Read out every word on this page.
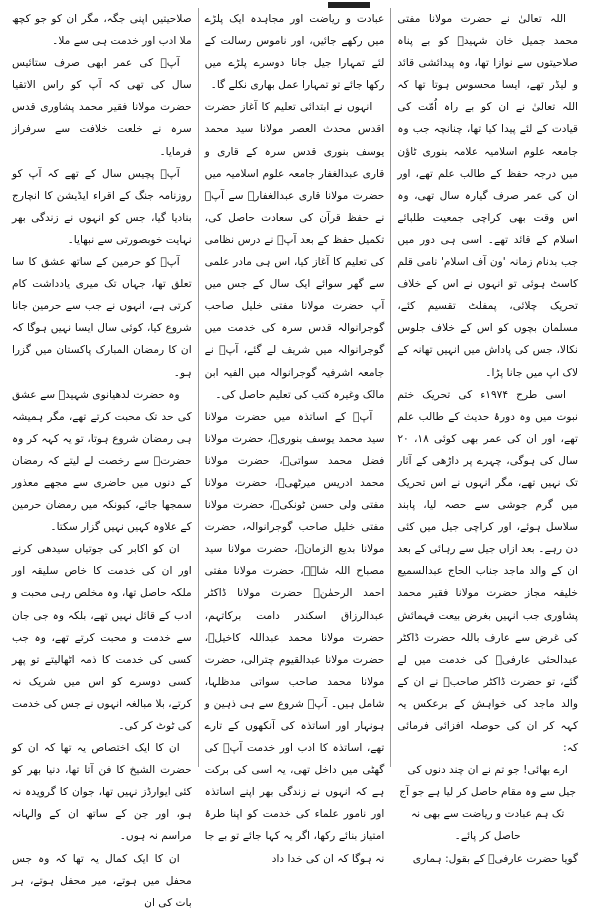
اللہ تعالیٰ نے حضرت مولانا مفتی محمد جمیل خان شہیدؒ کو بے پناہ صلاحیتوں سے نوازا تھا، وہ پیدائشی قائد و لیڈر تھے، ایسا محسوس ہوتا تھا کہ اللہ تعالیٰ نے ان کو بے راہ اُمّت کی قیادت کے لئے پیدا کیا تھا، چنانچہ جب وہ جامعہ علوم اسلامیہ علامہ بنوری ٹاؤن میں درجہ حفظ کے طالب علم تھے، اور ان کی عمر صرف گیارہ سال تھی، وہ اس وقت بھی کراچی جمعیت طلبائے اسلام کے قائد تھے۔ اسی ہی دور میں جب بدنام زمانہ 'ون آف اسلام' نامی قلم کاسٹ ہوئی تو انہوں نے اس کے خلاف تحریک چلائی، پمفلٹ تقسیم کئے، مسلمان بچوں کو اس کے خلاف جلوس نکالا، جس کی پاداش میں انہیں تھانہ کے لاک اپ میں جانا پڑا۔

اسی طرح ۱۹۷۴ء کی تحریک ختم نبوت میں وہ دورۂ حدیث کے طالب علم تھے، اور ان کی عمر بھی کوئی ۱۸، ۲۰ سال کی ہوگی، چہرے پر داڑھی کے آثار تک نہیں تھے، مگر انہوں نے اس تحریک میں گرم جوشی سے حصہ لیا، پابند سلاسل ہوئے، اور کراچی جیل میں کئی دن رہے۔ بعد ازاں جیل سے رہائی کے بعد ان کے والد ماجد جناب الحاج عبدالسمیع خلیفہ مجاز حضرت مولانا فقیر محمد پشاوری جب انہیں بغرض بیعت فہمائش کی غرض سے عارف باللہ حضرت ڈاکٹر عبدالحئی عارفیؒ کی خدمت میں لے گئے، تو حضرت ڈاکٹر صاحبؒ نے ان کے والد ماجد کی خواہش کے برعکس یہ کہہ کر ان کی حوصلہ افزائی فرمائی کہ:

ارے بھائی! جو تم نے ان چند دنوں کی جیل سے وہ مقام حاصل کر لیا ہے جو آج تک ہم عبادت و ریاضت سے بھی نہ حاصل کر پائے۔

گویا حضرت عارفیؒ کے بقول: ہماری

عبادت و ریاضت اور مجاہدہ ایک پلڑے میں رکھے جائیں، اور ناموس رسالت کے لئے تمہارا جیل جانا دوسرے پلڑے میں رکھا جائے تو تمہارا عمل بھاری نکلے گا۔

انہوں نے ابتدائی تعلیم کا آغاز حضرت اقدس محدث العصر مولانا سید محمد یوسف بنوری قدس سرہ کے قاری و قاری عبدالغفار جامعہ علوم اسلامیہ میں حضرت مولانا قاری عبدالغفارؒ سے آپؒ نے حفظ قرآن کی سعادت حاصل کی، تکمیل حفظ کے بعد آپؒ نے درس نظامی کی تعلیم کا آغاز کیا، اس ہی مادر علمی سے گھر سوائے ایک سال کے جس میں آپ حضرت مولانا مفتی خلیل صاحب گوجرانوالہ قدس سرہ کی خدمت میں گوجرانوالہ میں شریف لے گئے، آپؒ نے جامعہ اشرفیہ گوجرانوالہ میں الفیہ ابن مالک وغیرہ کتب کی تعلیم حاصل کی۔

آپؒ کے اساتذہ میں حضرت مولانا سید محمد یوسف بنوریؒ، حضرت مولانا فضل محمد سواتیؒ، حضرت مولانا محمد ادریس میرٹھیؒ، حضرت مولانا مفتی ولی حسن ٹونکیؒ، حضرت مولانا مفتی خلیل صاحب گوجرانوالہ، حضرت مولانا بدیع الزمانؒ، حضرت مولانا سید مصباح اللہ شاہؒ، حضرت مولانا مفتی احمد الرحمٰنؒ حضرت مولانا ڈاکٹر عبدالرزاق اسکندر دامت برکاتہم، حضرت مولانا محمد عبداللہ کاخیلؒ، حضرت مولانا عبدالقیوم چترالی، حضرت مولانا محمد صاحب سواتی مدظلہا، شامل ہیں۔ آپؒ شروع سے ہی ذہین و ہونہار اور اساتذہ کی آنکھوں کے تارے تھے، اساتذہ کا ادب اور خدمت آپؒ کی گھٹی میں داخل تھی، یہ اسی کی برکت ہے کہ انہوں نے زندگی بھر اپنے اساتذہ اور نامور علماء کی خدمت کو اپنا طرۂ امتیاز بنائے رکھا، اگر یہ کہا جائے تو بے جا نہ ہوگا کہ ان کی خدا داد

صلاحیتیں اپنی جگہ، مگر ان کو جو کچھ ملا ادب اور خدمت ہی سے ملا۔

آپؒ کی عمر ابھی صرف ستائیس سال کی تھی کہ آپ کو راس الاتقیا حضرت مولانا فقیر محمد پشاوری قدس سرہ نے خلعت خلافت سے سرفراز فرمایا۔

آپؒ پچیس سال کے تھے کہ آپ کو روزنامہ جنگ کے اقراء ایڈیشن کا انچارج بنادیا گیا، جس کو انہوں نے زندگی بھر نہایت خوبصورتی سے نبھایا۔

آپؒ کو حرمین کے ساتھ عشق کا سا تعلق تھا، جہاں تک میری یادداشت کام کرتی ہے، انہوں نے جب سے حرمین جانا شروع کیا، کوئی سال ایسا نہیں ہوگا کہ ان کا رمضان المبارک پاکستان میں گزرا ہو۔

وہ حضرت لدھیانوی شہیدؒ سے عشق کی حد تک محبت کرتے تھے، مگر ہمیشہ ہی رمضان شروع ہوتا، تو یہ کہہ کر وہ حضرتؒ سے رخصت لے لیتے کہ رمضان کے دنوں میں حاضری سے مجھے معذور سمجھا جائے، کیونکہ میں رمضان حرمین کے علاوہ کہیں نہیں گزار سکتا۔

ان کو اکابر کی جوتیاں سیدھی کرنے اور ان کی خدمت کا خاص سلیقہ اور ملکہ حاصل تھا، وہ مخلص رہی محبت و ادب کے قائل نہیں تھے، بلکہ وہ جی جان سے خدمت و محبت کرتے تھے، وہ جب کسی کی خدمت کا ذمہ اٹھالیتے تو پھر کسی دوسرے کو اس میں شریک نہ کرتے، بلا مبالغہ انہوں نے جس کی خدمت کی ٹوٹ کر کی۔

ان کا ایک اختصاص یہ تھا کہ ان کو حضرت الشیخ کا فن آتا تھا، دنیا بھر کو کئی ایوارڈز نہیں تھا، جوان کا گرویدہ نہ ہو، اور جن کے ساتھ ان کے والہانہ مراسم نہ ہوں۔

ان کا ایک کمال یہ تھا کہ وہ جس محفل میں ہوتے، میر محفل ہوتے، ہر بات کی ان
